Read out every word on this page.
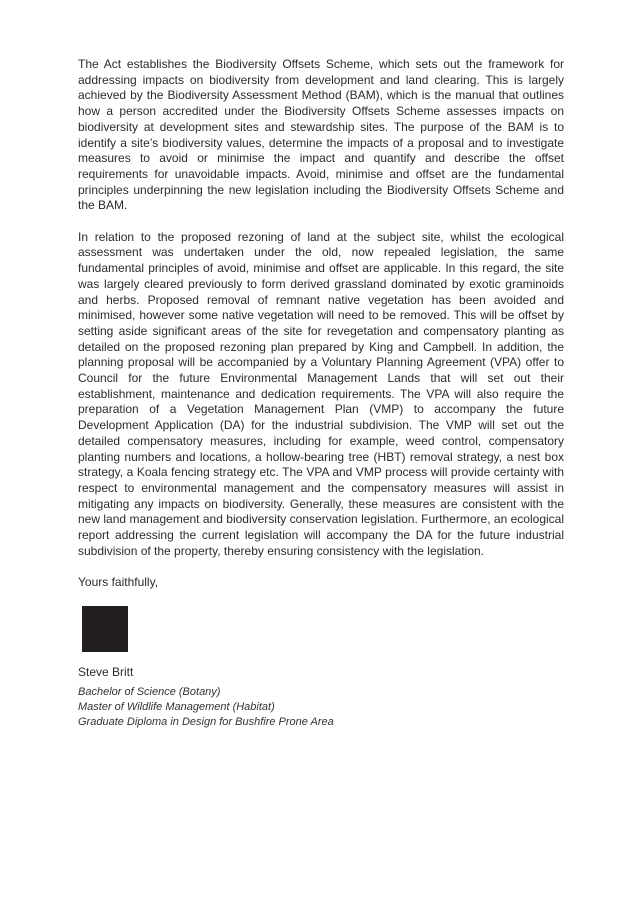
The Act establishes the Biodiversity Offsets Scheme, which sets out the framework for addressing impacts on biodiversity from development and land clearing. This is largely achieved by the Biodiversity Assessment Method (BAM), which is the manual that outlines how a person accredited under the Biodiversity Offsets Scheme assesses impacts on biodiversity at development sites and stewardship sites. The purpose of the BAM is to identify a site’s biodiversity values, determine the impacts of a proposal and to investigate measures to avoid or minimise the impact and quantify and describe the offset requirements for unavoidable impacts. Avoid, minimise and offset are the fundamental principles underpinning the new legislation including the Biodiversity Offsets Scheme and the BAM.

In relation to the proposed rezoning of land at the subject site, whilst the ecological assessment was undertaken under the old, now repealed legislation, the same fundamental principles of avoid, minimise and offset are applicable. In this regard, the site was largely cleared previously to form derived grassland dominated by exotic graminoids and herbs. Proposed removal of remnant native vegetation has been avoided and minimised, however some native vegetation will need to be removed. This will be offset by setting aside significant areas of the site for revegetation and compensatory planting as detailed on the proposed rezoning plan prepared by King and Campbell. In addition, the planning proposal will be accompanied by a Voluntary Planning Agreement (VPA) offer to Council for the future Environmental Management Lands that will set out their establishment, maintenance and dedication requirements. The VPA will also require the preparation of a Vegetation Management Plan (VMP) to accompany the future Development Application (DA) for the industrial subdivision. The VMP will set out the detailed compensatory measures, including for example, weed control, compensatory planting numbers and locations, a hollow-bearing tree (HBT) removal strategy, a nest box strategy, a Koala fencing strategy etc. The VPA and VMP process will provide certainty with respect to environmental management and the compensatory measures will assist in mitigating any impacts on biodiversity. Generally, these measures are consistent with the new land management and biodiversity conservation legislation. Furthermore, an ecological report addressing the current legislation will accompany the DA for the future industrial subdivision of the property, thereby ensuring consistency with the legislation.

Yours faithfully,

Steve Britt

Bachelor of Science (Botany)

Master of Wildlife Management (Habitat)

Graduate Diploma in Design for Bushfire Prone Area
